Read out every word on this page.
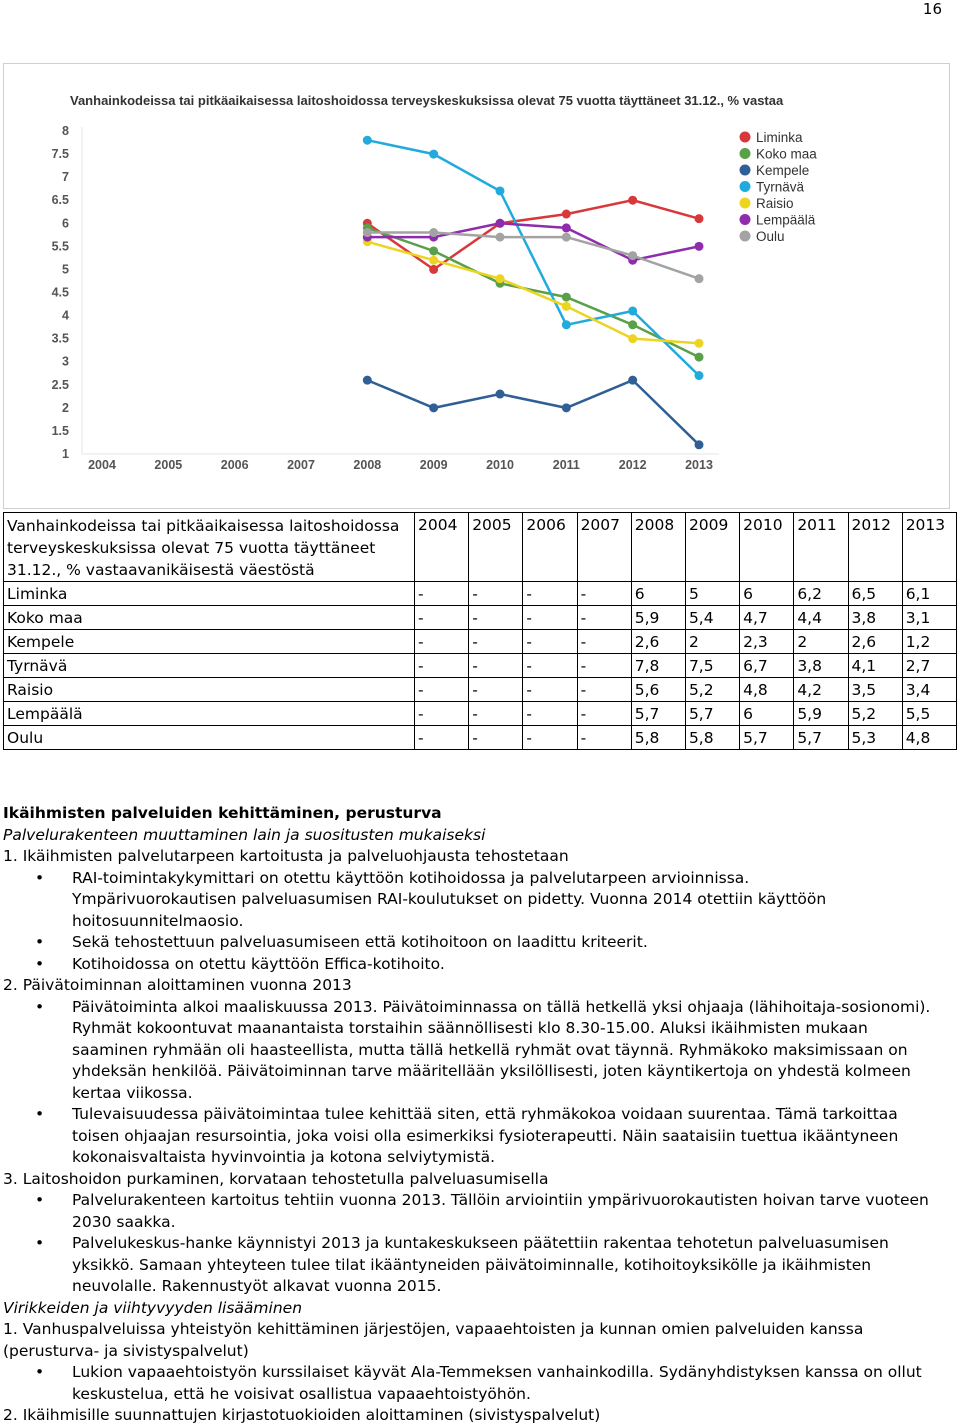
16
Vanhainkodeissa tai pitkäaikaisessa laitoshoidossa terveyskeskuksissa olevat 75 vuotta täyttäneet 31.12., % vastaa
1
1.5
2
2.5
3
3.5
4
4.5
5
5.5
6
6.5
7
7.5
8
2004	2005	2006	2007	2008	2009	2010	2011	2012	2013
Liminka
Koko maa
Kempele
Tyrnävä
Raisio
Lempäälä
Oulu
Vanhainkodeissa tai pitkäaikaisessa laitoshoidossa terveyskeskuksissa olevat 75 vuotta täyttäneet 31.12., % vastaavanikäisestä väestöstä	2004	2005	2006	2007	2008	2009	2010	2011	2012	2013
Liminka	-	-	-	-	6	5	6	6,2	6,5	6,1
Koko maa	-	-	-	-	5,9	5,4	4,7	4,4	3,8	3,1
Kempele	-	-	-	-	2,6	2	2,3	2	2,6	1,2
Tyrnävä	-	-	-	-	7,8	7,5	6,7	3,8	4,1	2,7
Raisio	-	-	-	-	5,6	5,2	4,8	4,2	3,5	3,4
Lempäälä	-	-	-	-	5,7	5,7	6	5,9	5,2	5,5
Oulu	-	-	-	-	5,8	5,8	5,7	5,7	5,3	4,8

Ikäihmisten palveluiden kehittäminen, perusturva

Palvelurakenteen muuttaminen lain ja suositusten mukaiseksi

1. Ikäihmisten palvelutarpeen kartoitusta ja palveluohjausta tehostetaan

• RAI-toimintakykymittari on otettu käyttöön kotihoidossa ja palvelutarpeen arvioinnissa.
Ympärivuorokautisen palveluasumisen RAI-koulutukset on pidetty. Vuonna 2014 otettiin käyttöön hoitosuunnitelmaosio.
• Sekä tehostettuun palveluasumiseen että kotihoitoon on laadittu kriteerit.
• Kotihoidossa on otettu käyttöön Effica-kotihoito.

2. Päivätoiminnan aloittaminen vuonna 2013

• Päivätoiminta alkoi maaliskuussa 2013. Päivätoiminnassa on tällä hetkellä yksi ohjaaja (lähihoitaja-sosionomi). Ryhmät kokoontuvat maanantaista torstaihin säännöllisesti klo 8.30-15.00. Aluksi ikäihmisten mukaan saaminen ryhmään oli haasteellista, mutta tällä hetkellä ryhmät ovat täynnä. Ryhmäkoko maksimissaan on yhdeksän henkilöä. Päivätoiminnan tarve määritellään yksilöllisesti, joten käyntikertoja on yhdestä kolmeen kertaa viikossa.
• Tulevaisuudessa päivätoimintaa tulee kehittää siten, että ryhmäkokoa voidaan suurentaa. Tämä tarkoittaa toisen ohjaajan resursointia, joka voisi olla esimerkiksi fysioterapeutti. Näin saataisiin tuettua ikääntyneen kokonaisvaltaista hyvinvointia ja kotona selviytymistä.

3. Laitoshoidon purkaminen, korvataan tehostetulla palveluasumisella

• Palvelurakenteen kartoitus tehtiin vuonna 2013. Tällöin arviointiin ympärivuorokautisten hoivan tarve vuoteen 2030 saakka.
• Palvelukeskus-hanke käynnistyi 2013 ja kuntakeskukseen päätettiin rakentaa tehotetun palveluasumisen yksikkö. Samaan yhteyteen tulee tilat ikääntyneiden päivätoiminnalle, kotihoitoyksikölle ja ikäihmisten neuvolalle. Rakennustyöt alkavat vuonna 2015.

Virikkeiden ja viihtyvyyden lisääminen

1. Vanhuspalveluissa yhteistyön kehittäminen järjestöjen, vapaaehtoisten ja kunnan omien palveluiden kanssa (perusturva- ja sivistyspalvelut)

• Lukion vapaaehtoistyön kurssilaiset käyvät Ala-Temmeksen vanhainkodilla. Sydänyhdistyksen kanssa on ollut keskustelua, että he voisivat osallistua vapaaehtoistyöhön.

2. Ikäihmisille suunnattujen kirjastotuokioiden aloittaminen (sivistyspalvelut)
